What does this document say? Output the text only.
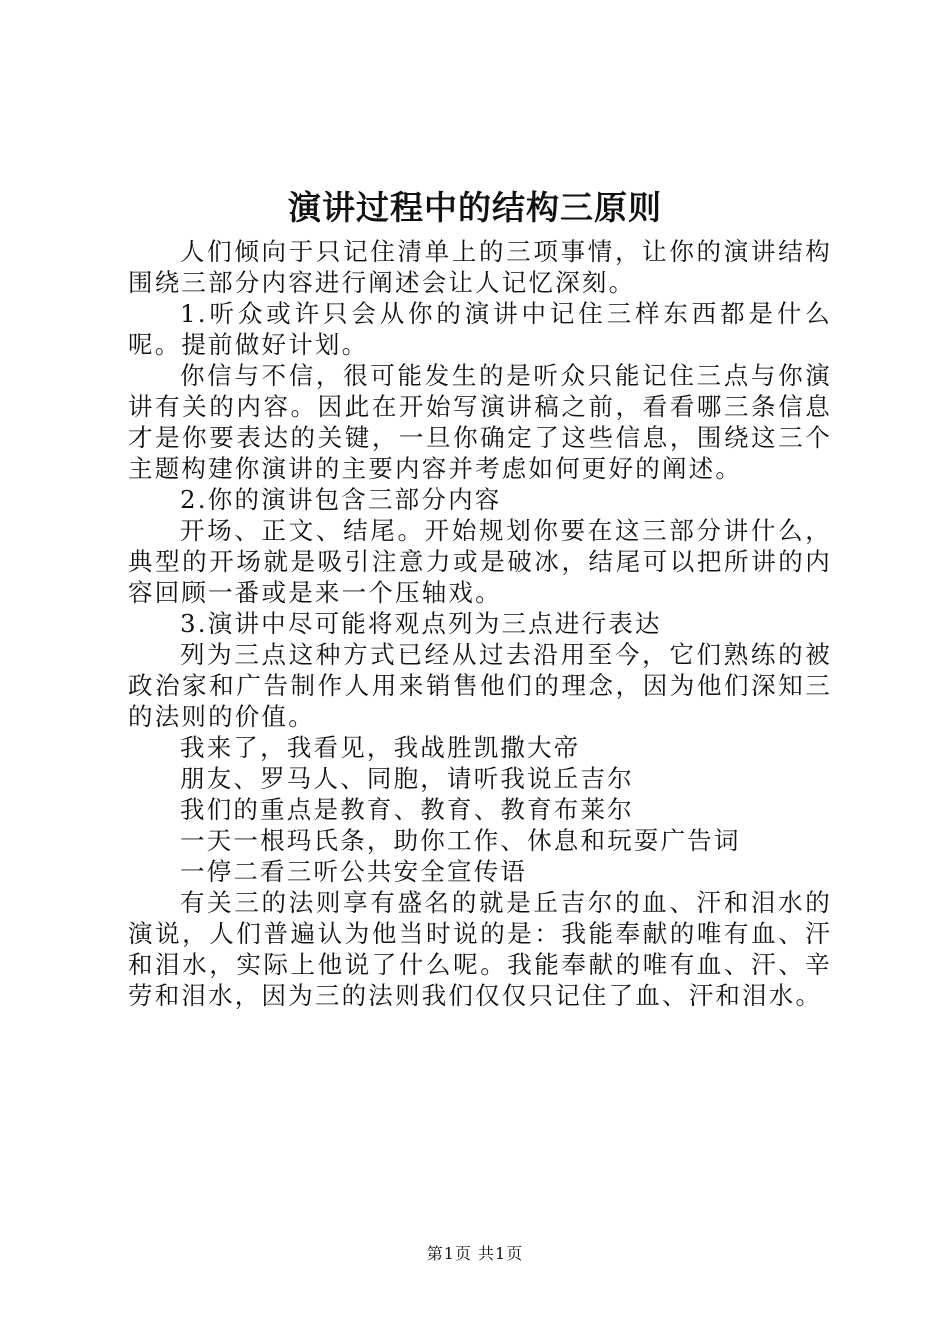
演讲过程中的结构三原则

人们倾向于只记住清单上的三项事情，让你的演讲结构围绕三部分内容进行阐述会让人记忆深刻。

1.听众或许只会从你的演讲中记住三样东西都是什么呢。提前做好计划。

你信与不信，很可能发生的是听众只能记住三点与你演讲有关的内容。因此在开始写演讲稿之前，看看哪三条信息才是你要表达的关键，一旦你确定了这些信息，围绕这三个主题构建你演讲的主要内容并考虑如何更好的阐述。

2.你的演讲包含三部分内容

开场、正文、结尾。开始规划你要在这三部分讲什么，典型的开场就是吸引注意力或是破冰，结尾可以把所讲的内容回顾一番或是来一个压轴戏。

3.演讲中尽可能将观点列为三点进行表达

列为三点这种方式已经从过去沿用至今，它们熟练的被政治家和广告制作人用来销售他们的理念，因为他们深知三的法则的价值。

我来了，我看见，我战胜凯撒大帝

朋友、罗马人、同胞，请听我说丘吉尔

我们的重点是教育、教育、教育布莱尔

一天一根玛氏条，助你工作、休息和玩耍广告词

一停二看三听公共安全宣传语

有关三的法则享有盛名的就是丘吉尔的血、汗和泪水的演说，人们普遍认为他当时说的是：我能奉献的唯有血、汗和泪水，实际上他说了什么呢。我能奉献的唯有血、汗、辛劳和泪水，因为三的法则我们仅仅只记住了血、汗和泪水。

第1页 共1页
